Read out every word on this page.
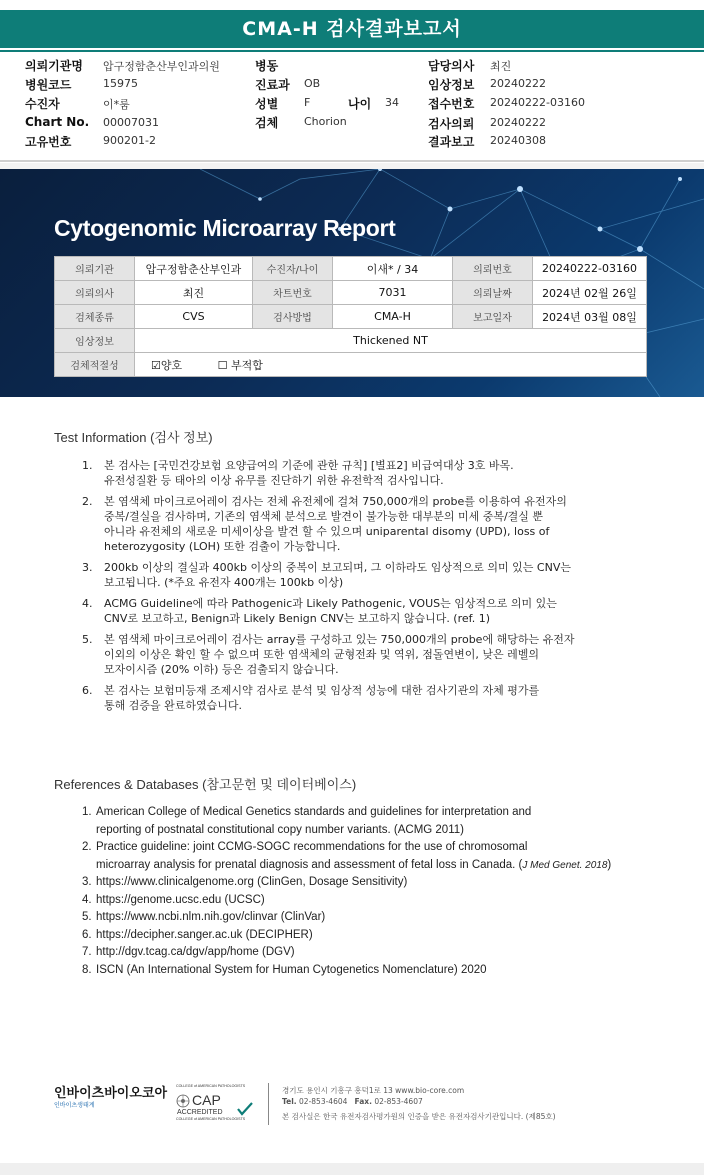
CMA-H 검사결과보고서
의뢰기관명 압구정함춘산부인과의원
병원코드	15975
수진자	이*룸
Chart No. 00007031
고유번호	900201-2
병동
진료과 OB
성별 F	나이 34
검체 Chorion
담당의사 최진
임상정보 20240222
접수번호 20240222-03160
검사의뢰 20240222
결과보고 20240308
Cytogenomic Microarray Report
의뢰기관	압구정함춘산부인과	수진자/나이	이새* / 34	의뢰번호	20240222-03160
의뢰의사	최진	차트번호	7031	의뢰날짜	2024년 02월 26일
검체종류	CVS	검사방법	CMA-H	보고일자	2024년 03월 08일
임상정보	Thickened NT				
검체적절성	☑양호 ☐ 부적합				
Test Information (검사 정보)
1. 본 검사는 [국민건강보험 요양급여의 기준에 관한 규칙] [별표2] 비급여대상 3호 바목.
유전성질환 등 태아의 이상 유무를 진단하기 위한 유전학적 검사입니다.
2. 본 염색체 마이크로어레이 검사는 전체 유전체에 걸쳐 750,000개의 probe를 이용하여 유전자의
중복/결실을 검사하며, 기존의 염색체 분석으로 발견이 불가능한 대부분의 미세 중복/결실 뿐
아니라 유전체의 새로운 미세이상을 발견 할 수 있으며 uniparental disomy (UPD), loss of
heterozygosity (LOH) 또한 검출이 가능합니다.
3. 200kb 이상의 결실과 400kb 이상의 중복이 보고되며, 그 이하라도 임상적으로 의미 있는 CNV는
보고됩니다. (*주요 유전자 400개는 100kb 이상)
4. ACMG Guideline에 따라 Pathogenic과 Likely Pathogenic, VOUS는 임상적으로 의미 있는
CNV로 보고하고, Benign과 Likely Benign CNV는 보고하지 않습니다. (ref. 1)
5. 본 염색체 마이크로어레이 검사는 array를 구성하고 있는 750,000개의 probe에 해당하는 유전자
이외의 이상은 확인 할 수 없으며 또한 염색체의 균형전좌 및 역위, 점돌연변이, 낮은 레벨의
모자이시즘 (20% 이하) 등은 검출되지 않습니다.
6. 본 검사는 보험미등재 조제시약 검사로 분석 및 임상적 성능에 대한 검사기관의 자체 평가를
통해 검증을 완료하였습니다.
References & Databases (참고문헌 및 데이터베이스)
1. American College of Medical Genetics standards and guidelines for interpretation and
reporting of postnatal constitutional copy number variants. (ACMG 2011)
2. Practice guideline: joint CCMG-SOGC recommendations for the use of chromosomal
microarray analysis for prenatal diagnosis and assessment of fetal loss in Canada. (J Med Genet. 2018)
3. https://www.clinicalgenome.org (ClinGen, Dosage Sensitivity)
4. https://genome.ucsc.edu (UCSC)
5. https://www.ncbi.nlm.nih.gov/clinvar (ClinVar)
6. https://decipher.sanger.ac.uk (DECIPHER)
7. http://dgv.tcag.ca/dgv/app/home (DGV)
8. ISCN (An International System for Human Cytogenetics Nomenclature) 2020
인바이츠바이오코아
인바이츠생태계
COLLEGE of AMERICAN PATHOLOGISTS
CAP
ACCREDITED
COLLEGE of AMERICAN PATHOLOGISTS
경기도 용인시 기흥구 흥덕1로 13 www.bio-core.com
Tel. 02-853-4604 Fax. 02-853-4607
본 검사실은 한국 유전자검사평가원의 인증을 받은 유전자검사기관입니다. (제85호)
